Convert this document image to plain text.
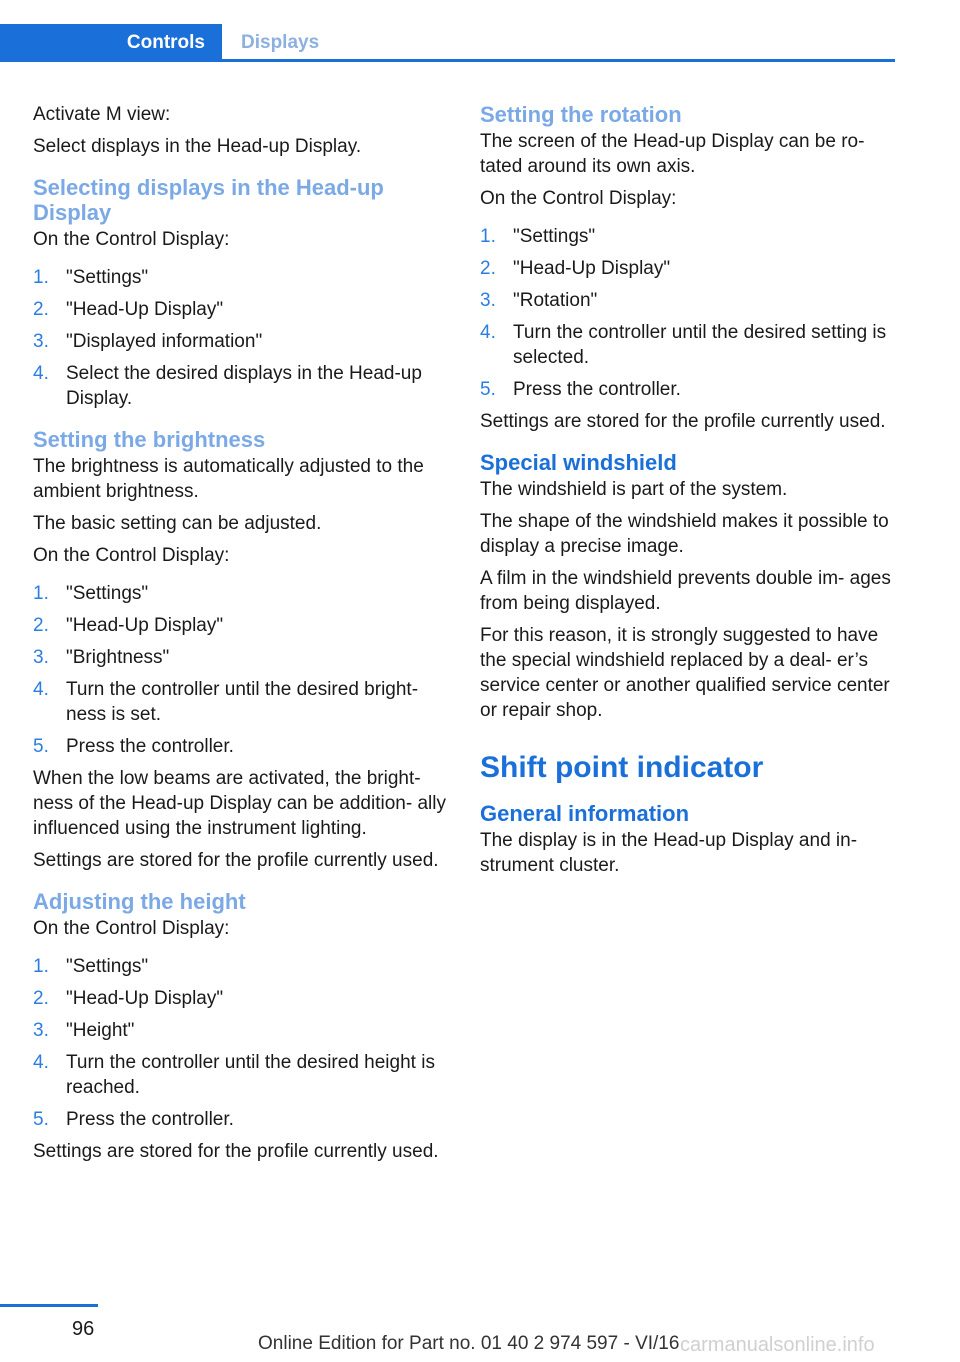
Controls	Displays

Activate M view:

Select displays in the Head-up Display.

Selecting displays in the Head-up Display

On the Control Display:

1. "Settings"
2. "Head-Up Display"
3. "Displayed information"
4. Select the desired displays in the Head-up Display.
Setting the brightness

The brightness is automatically adjusted to the ambient brightness.

The basic setting can be adjusted.

On the Control Display:

1. "Settings"
2. "Head-Up Display"
3. "Brightness"
4. Turn the controller until the desired bright‐ ness is set.
5. Press the controller.

When the low beams are activated, the bright‐ ness of the Head-up Display can be addition‐ ally influenced using the instrument lighting.

Settings are stored for the profile currently used.

Adjusting the height

On the Control Display:

1. "Settings"
2. "Head-Up Display"
3. "Height"
4. Turn the controller until the desired height is reached.
5. Press the controller.

Settings are stored for the profile currently used.

Setting the rotation

The screen of the Head-up Display can be ro‐ tated around its own axis.

On the Control Display:

1. "Settings"
2. "Head-Up Display"
3. "Rotation"
4. Turn the controller until the desired setting is selected.
5. Press the controller.

Settings are stored for the profile currently used.

Special windshield

The windshield is part of the system.

The shape of the windshield makes it possible to display a precise image.

A film in the windshield prevents double im‐ ages from being displayed.

For this reason, it is strongly suggested to have the special windshield replaced by a deal‐ er’s service center or another qualified service center or repair shop.

Shift point indicator
General information

The display is in the Head-up Display and in‐ strument cluster.

96
Online Edition for Part no. 01 40 2 974 597 - VI/16 carmanualsonline.info
